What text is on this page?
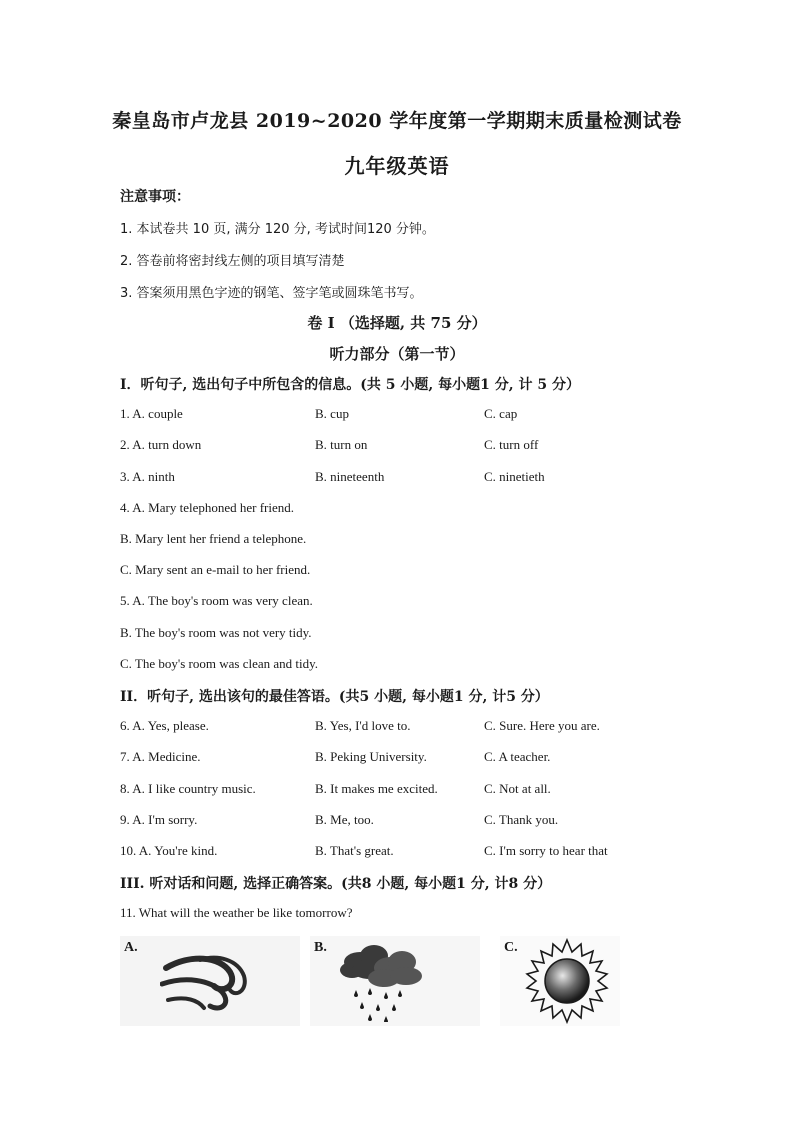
秦皇岛市卢龙县 2019~2020 学年度第一学期期末质量检测试卷
九年级英语
注意事项：
1. 本试卷共 10 页, 满分 120 分, 考试时间120 分钟。
2. 答卷前将密封线左侧的项目填写清楚
3. 答案须用黑色字迹的钢笔、签字笔或圆珠笔书写。
卷 I （选择题, 共 75 分）
听力部分（第一节）
I．听句子, 选出句子中所包含的信息。(共 5 小题, 每小题1 分, 计 5 分）
1. A. couple	B. cup	C. cap
2. A. turn down	B. turn on	C. turn off
3. A. ninth	B. nineteenth	C. ninetieth
4. A. Mary telephoned her friend.
B. Mary lent her friend a telephone.
C. Mary sent an e-mail to her friend.
5. A. The boy's room was very clean.
B. The boy's room was not very tidy.
C. The boy's room was clean and tidy.
II．听句子, 选出该句的最佳答语。(共5 小题, 每小题1 分, 计5 分）
6. A. Yes, please.	B. Yes, I'd love to.	C. Sure. Here you are.
7. A. Medicine.	B. Peking University.	C. A teacher.
8. A. I like country music.	B. It makes me excited.	C. Not at all.
9. A. I'm sorry.	B. Me, too.	C. Thank you.
10. A. You're kind.	B. That's great.	C. I'm sorry to hear that
III. 听对话和问题, 选择正确答案。(共8 小题, 每小题1 分, 计8 分）
11. What will the weather be like tomorrow?
A.	B.	C.
